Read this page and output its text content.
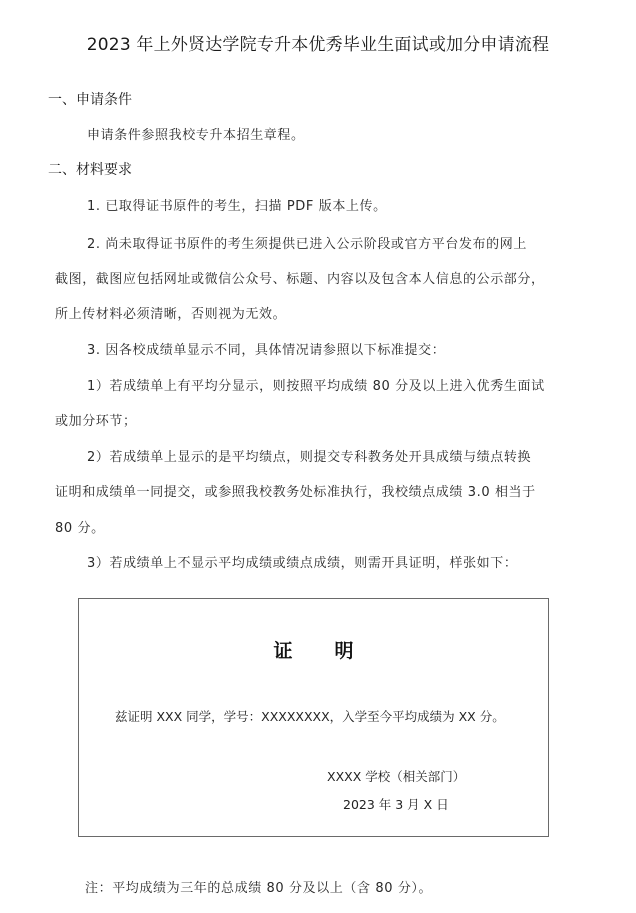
2023 年上外贤达学院专升本优秀毕业生面试或加分申请流程
一、申请条件
申请条件参照我校专升本招生章程。
二、材料要求
1. 已取得证书原件的考生，扫描 PDF 版本上传。
2. 尚未取得证书原件的考生须提供已进入公示阶段或官方平台发布的网上
截图，截图应包括网址或微信公众号、标题、内容以及包含本人信息的公示部分，
所上传材料必须清晰，否则视为无效。
3. 因各校成绩单显示不同，具体情况请参照以下标准提交：
1）若成绩单上有平均分显示，则按照平均成绩 80 分及以上进入优秀生面试
或加分环节；
2）若成绩单上显示的是平均绩点，则提交专科教务处开具成绩与绩点转换
证明和成绩单一同提交，或参照我校教务处标准执行，我校绩点成绩 3.0 相当于
80 分。
3）若成绩单上不显示平均成绩或绩点成绩，则需开具证明，样张如下：
证 明
兹证明 XXX 同学，学号：XXXXXXXX，入学至今平均成绩为 XX 分。
XXXX 学校（相关部门）
2023 年 3 月 X 日
注：平均成绩为三年的总成绩 80 分及以上（含 80 分）。
